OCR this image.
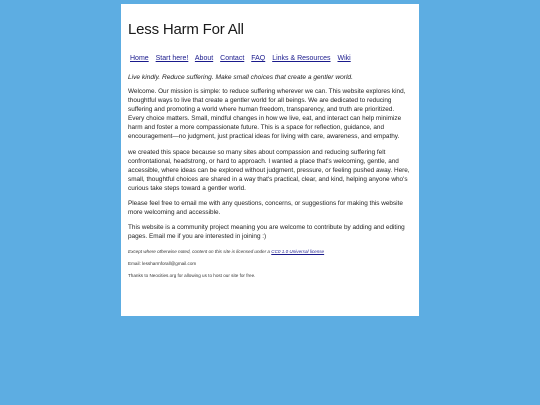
Less Harm For All
Home Start here! About Contact FAQ Links & Resources Wiki

Live kindly. Reduce suffering. Make small choices that create a gentler world.

Welcome. Our mission is simple: to reduce suffering wherever we can. This website explores kind, thoughtful ways to live that create a gentler world for all beings. We are dedicated to reducing suffering and promoting a world where human freedom, transparency, and truth are prioritized. Every choice matters. Small, mindful changes in how we live, eat, and interact can help minimize harm and foster a more compassionate future. This is a space for reflection, guidance, and encouragement—no judgment, just practical ideas for living with care, awareness, and empathy.

we created this space because so many sites about compassion and reducing suffering felt confrontational, headstrong, or hard to approach. I wanted a place that's welcoming, gentle, and accessible, where ideas can be explored without judgment, pressure, or feeling pushed away. Here, small, thoughtful choices are shared in a way that's practical, clear, and kind, helping anyone who's curious take steps toward a gentler world.

Please feel free to email me with any questions, concerns, or suggestions for making this website more welcoming and accessible.

This website is a community project meaning you are welcome to contribute by adding and editing pages. Email me if you are interested in joining :)

Except where otherwise noted, content on this site is licensed under a CC0 1.0 Universal license

Email: lessharmforall@gmail.com

Thanks to Neocities.org for allowing us to host our site for free.
